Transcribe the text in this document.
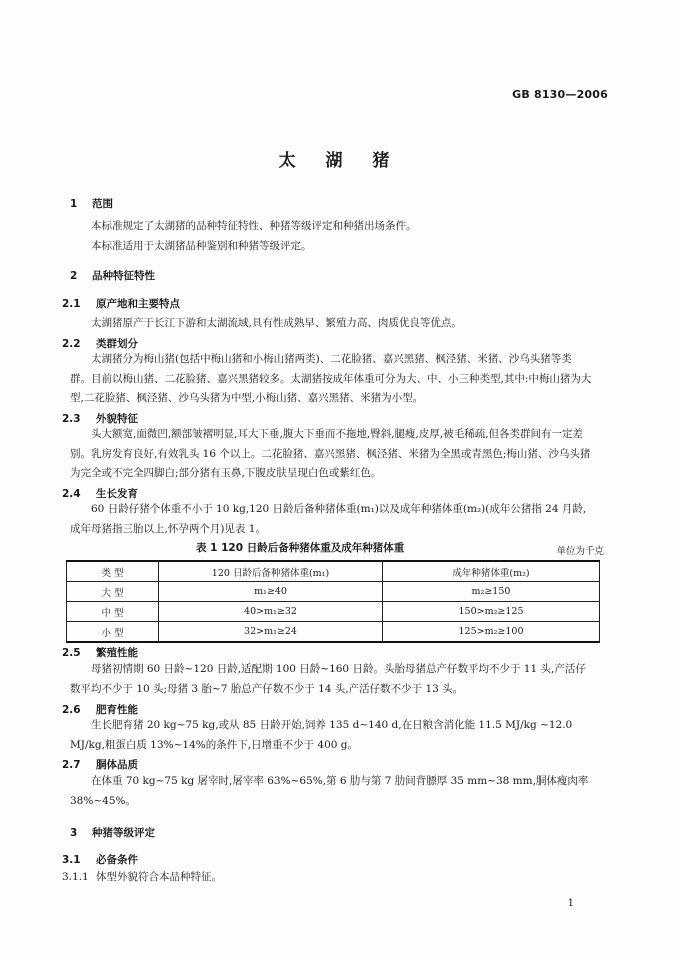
GB 8130—2006
太 湖 猪
1 范围
本标准规定了太湖猪的品种特征特性、种猪等级评定和种猪出场条件。
本标准适用于太湖猪品种鉴别和种猪等级评定。
2 品种特征特性
2.1 原产地和主要特点
太湖猪原产于长江下游和太湖流域,具有性成熟早、繁殖力高、肉质优良等优点。
2.2 类群划分
太湖猪分为梅山猪(包括中梅山猪和小梅山猪两类)、二花脸猪、嘉兴黑猪、枫泾猪、米猪、沙乌头猪等类群。目前以梅山猪、二花脸猪、嘉兴黑猪较多。太湖猪按成年体重可分为大、中、小三种类型,其中:中梅山猪为大型,二花脸猪、枫泾猪、沙乌头猪为中型,小梅山猪、嘉兴黑猪、米猪为小型。
2.3 外貌特征
头大额宽,面微凹,额部皱褶明显,耳大下垂,腹大下垂而不拖地,臀斜,腿瘦,皮厚,被毛稀疏,但各类群间有一定差别。乳房发育良好,有效乳头 16 个以上。二花脸猪、嘉兴黑猪、枫泾猪、米猪为全黑或青黑色;梅山猪、沙乌头猪为完全或不完全四脚白;部分猪有玉鼻,下腹皮肤呈现白色或紫红色。
2.4 生长发育
60 日龄仔猪个体重不小于 10 kg,120 日龄后备种猪体重(m₁)以及成年种猪体重(m₂)(成年公猪指 24 月龄,成年母猪指三胎以上,怀孕两个月)见表 1。
表 1 120 日龄后备种猪体重及成年种猪体重	单位为千克
类 型	120 日龄后备种猪体重(m₁)	成年种猪体重(m₂)
大 型	m₁≥40	m₂≥150
中 型	40>m₁≥32	150>m₂≥125
小 型	32>m₁≥24	125>m₂≥100
2.5 繁殖性能
母猪初情期 60 日龄~120 日龄,适配期 100 日龄~160 日龄。头胎母猪总产仔数平均不少于 11 头,产活仔数平均不少于 10 头;母猪 3 胎~7 胎总产仔数不少于 14 头,产活仔数不少于 13 头。
2.6 肥育性能
生长肥育猪 20 kg~75 kg,或从 85 日龄开始,饲养 135 d~140 d,在日粮含消化能 11.5 MJ/kg ~12.0 MJ/kg,粗蛋白质 13%~14%的条件下,日增重不少于 400 g。
2.7 胴体品质
在体重 70 kg~75 kg 屠宰时,屠宰率 63%~65%,第 6 肋与第 7 肋间背膘厚 35 mm~38 mm,胴体瘦肉率 38%~45%。
3 种猪等级评定
3.1 必备条件
3.1.1 体型外貌符合本品种特征。
1
